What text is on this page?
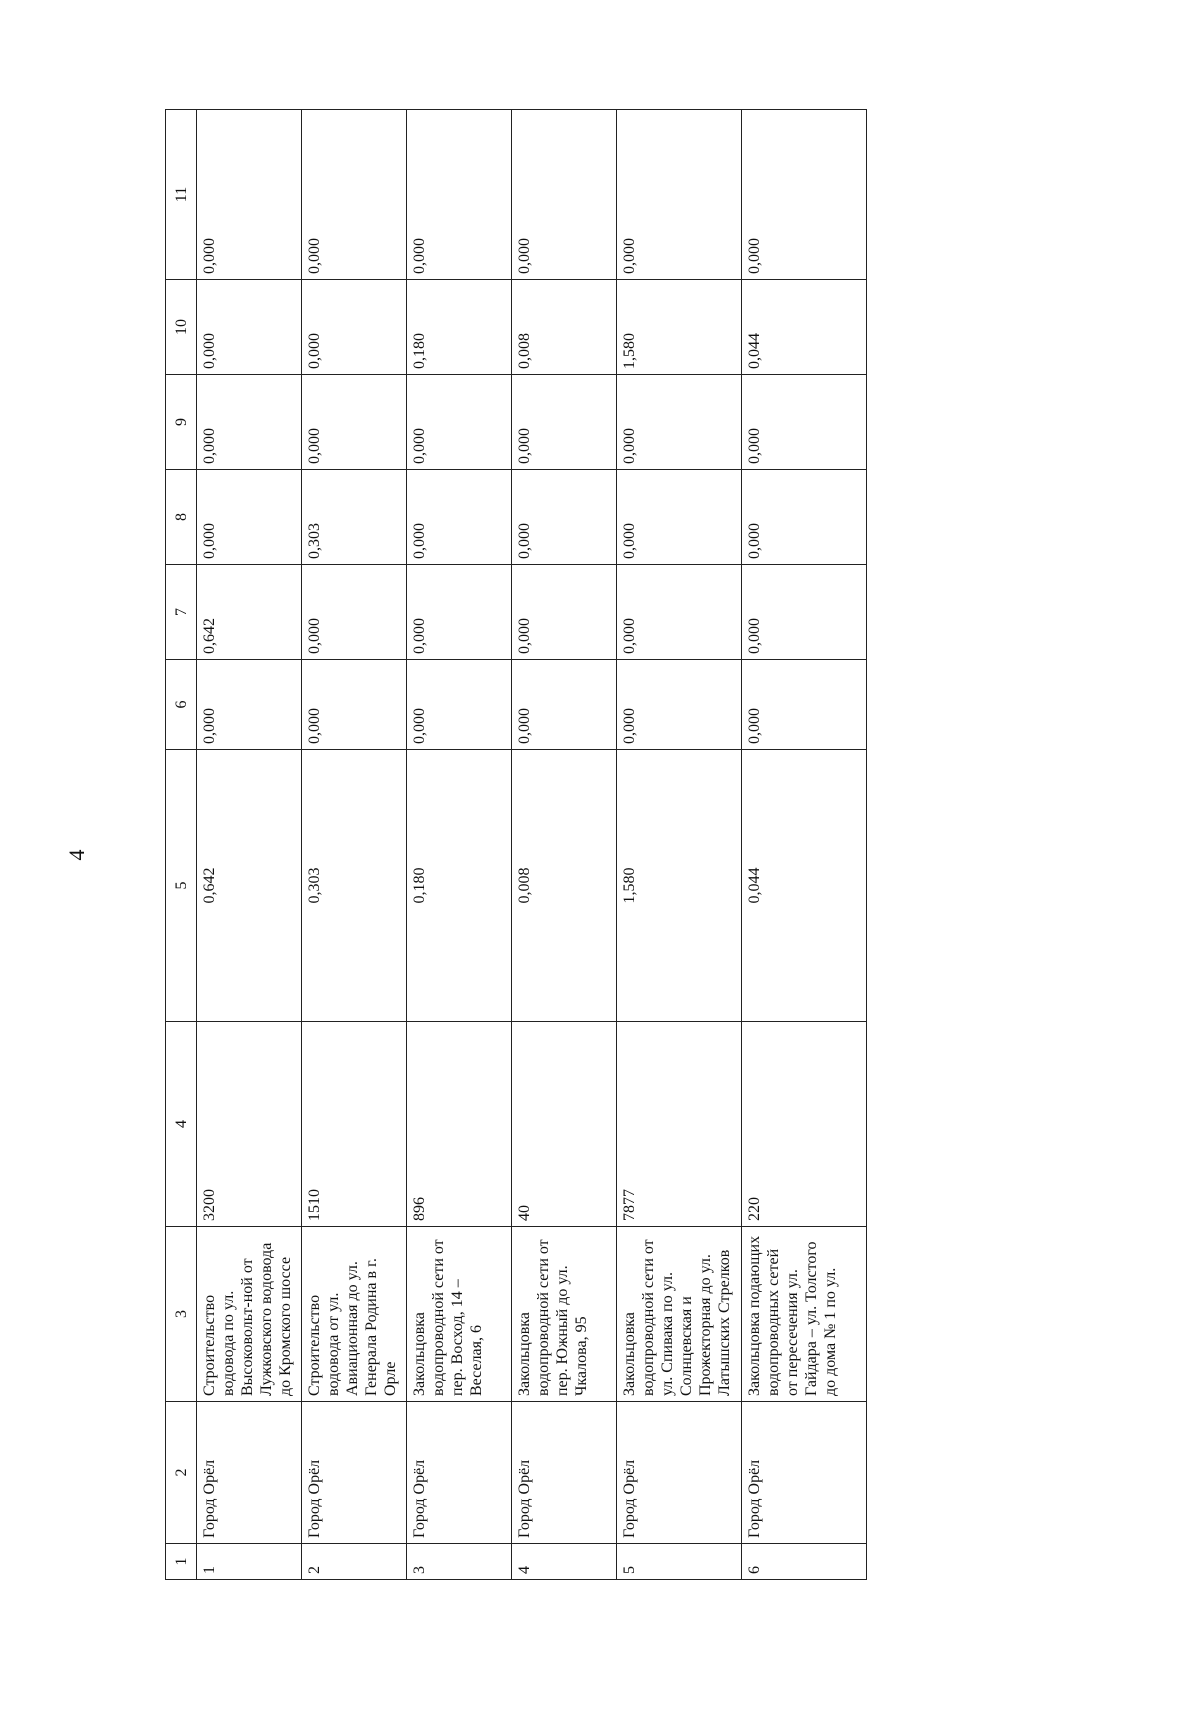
4
1	2	3	4	5	6	7	8	9	10	11
1	Город Орёл	Строительство водовода по ул. Высоковольт-ной от Лужковского водовода до Кромского шоссе	3200	0,642	0,000	0,642	0,000	0,000	0,000	0,000
2	Город Орёл	Строительство водовода от ул. Авиационная до ул. Генерала Родина в г. Орле	1510	0,303	0,000	0,000	0,303	0,000	0,000	0,000
3	Город Орёл	Закольцовка водопроводной сети от пер. Восход, 14 – Веселая, 6	896	0,180	0,000	0,000	0,000	0,000	0,180	0,000
4	Город Орёл	Закольцовка водопроводной сети от пер. Южный до ул. Чкалова, 95	40	0,008	0,000	0,000	0,000	0,000	0,008	0,000
5	Город Орёл	Закольцовка водопроводной сети от ул. Спивака по ул. Солнцевская и Прожекторная до ул. Латышских Стрелков	7877	1,580	0,000	0,000	0,000	0,000	1,580	0,000
6	Город Орёл	Закольцовка подающих водопроводных сетей от пересечения ул. Гайдара – ул. Толстого до дома № 1 по ул.	220	0,044	0,000	0,000	0,000	0,000	0,044	0,000
